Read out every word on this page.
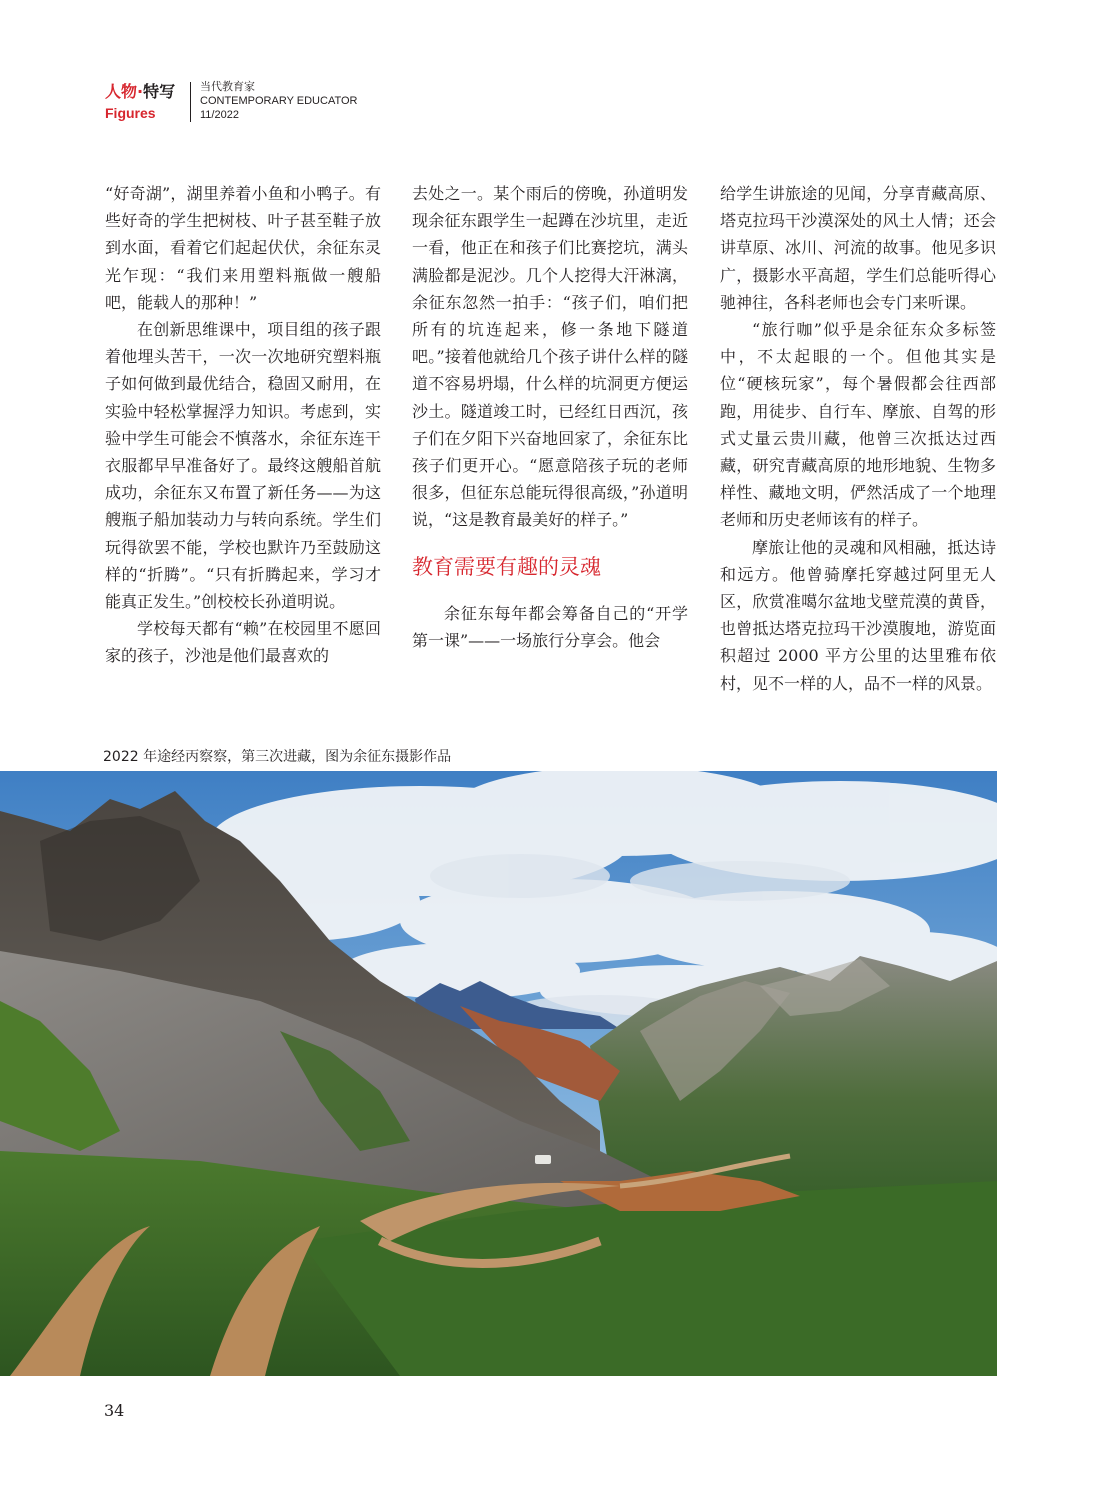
人物·特写
Figures
当代教育家
CONTEMPORARY EDUCATOR
11/2022

“好奇湖”，湖里养着小鱼和小鸭子。有些好奇的学生把树枝、叶子甚至鞋子放到水面，看着它们起起伏伏，余征东灵光乍现：“我们来用塑料瓶做一艘船吧，能载人的那种！”

在创新思维课中，项目组的孩子跟着他埋头苦干，一次一次地研究塑料瓶子如何做到最优结合，稳固又耐用，在实验中轻松掌握浮力知识。考虑到，实验中学生可能会不慎落水，余征东连干衣服都早早准备好了。最终这艘船首航成功，余征东又布置了新任务——为这艘瓶子船加装动力与转向系统。学生们玩得欲罢不能，学校也默许乃至鼓励这样的“折腾”。“只有折腾起来，学习才能真正发生。”创校校长孙道明说。

学校每天都有“赖”在校园里不愿回家的孩子，沙池是他们最喜欢的

去处之一。某个雨后的傍晚，孙道明发现余征东跟学生一起蹲在沙坑里，走近一看，他正在和孩子们比赛挖坑，满头满脸都是泥沙。几个人挖得大汗淋漓，余征东忽然一拍手：“孩子们，咱们把所有的坑连起来，修一条地下隧道吧。”接着他就给几个孩子讲什么样的隧道不容易坍塌，什么样的坑洞更方便运沙土。隧道竣工时，已经红日西沉，孩子们在夕阳下兴奋地回家了，余征东比孩子们更开心。“愿意陪孩子玩的老师很多，但征东总能玩得很高级，”孙道明说，“这是教育最美好的样子。”

教育需要有趣的灵魂

余征东每年都会筹备自己的“开学第一课”——一场旅行分享会。他会

给学生讲旅途的见闻，分享青藏高原、塔克拉玛干沙漠深处的风土人情；还会讲草原、冰川、河流的故事。他见多识广，摄影水平高超，学生们总能听得心驰神往，各科老师也会专门来听课。

“旅行咖”似乎是余征东众多标签中，不太起眼的一个。但他其实是位“硬核玩家”，每个暑假都会往西部跑，用徒步、自行车、摩旅、自驾的形式丈量云贵川藏，他曾三次抵达过西藏，研究青藏高原的地形地貌、生物多样性、藏地文明，俨然活成了一个地理老师和历史老师该有的样子。

摩旅让他的灵魂和风相融，抵达诗和远方。他曾骑摩托穿越过阿里无人区，欣赏准噶尔盆地戈壁荒漠的黄昏，也曾抵达塔克拉玛干沙漠腹地，游览面积超过 2000 平方公里的达里雅布依村，见不一样的人，品不一样的风景。

2022 年途经丙察察，第三次进藏，图为余征东摄影作品
34
